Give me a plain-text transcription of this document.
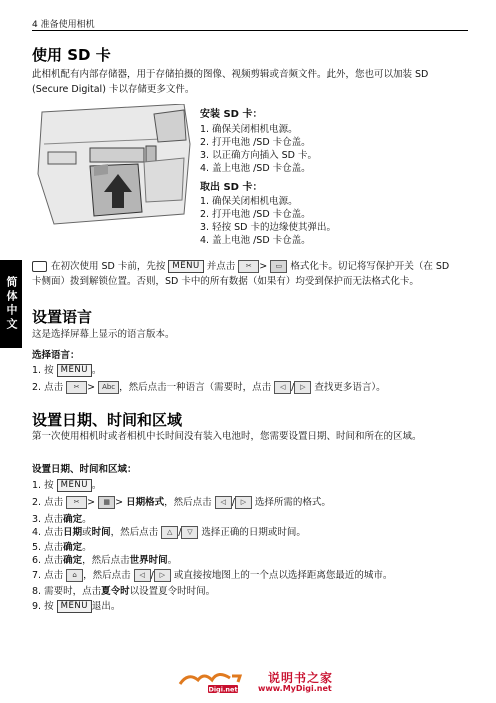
4 准备使用相机
简体中文
使用 SD 卡
此相机配有内部存储器，用于存储拍摄的图像、视频剪辑或音频文件。此外，您也可以加装 SD (Secure Digital) 卡以存储更多文件。
安装 SD 卡：
1. 确保关闭相机电源。
2. 打开电池 /SD 卡仓盖。
3. 以正确方向插入 SD 卡。
4. 盖上电池 /SD 卡仓盖。
取出 SD 卡：
1. 确保关闭相机电源。
2. 打开电池 /SD 卡仓盖。
3. 轻按 SD 卡的边缘使其弹出。
4. 盖上电池 /SD 卡仓盖。
在初次使用 SD 卡前，先按 MENU 并点击 ✂ > ▭ 格式化卡。切记将写保护开关（在 SD 卡侧面）拨到解锁位置。否则，SD 卡中的所有数据（如果有）均受到保护而无法格式化卡。
设置语言
这是选择屏幕上显示的语言版本。
选择语言：
1. 按 MENU 。
2. 点击 ✂ > Abc ，然后点击一种语言（需要时，点击 ◁ / ▷ 查找更多语言）。
设置日期、时间和区域
第一次使用相机时或者相机中长时间没有装入电池时，您需要设置日期、时间和所在的区域。
设置日期、时间和区域：
1. 按 MENU 。
2. 点击 ✂ > ▦ > 日期格式，然后点击 ◁ / ▷ 选择所需的格式。
3. 点击确定。
4. 点击日期或时间，然后点击 △ / ▽ 选择正确的日期或时间。
5. 点击确定。
6. 点击确定，然后点击世界时间。
7. 点击 ⌂ ，然后点击 ◁ / ▷ 或直接按地图上的一个点以选择距离您最近的城市。
8. 需要时，点击夏令时以设置夏令时时间。
9. 按 MENU 退出。
Digi.net
说明书之家
www.MyDigi.net
